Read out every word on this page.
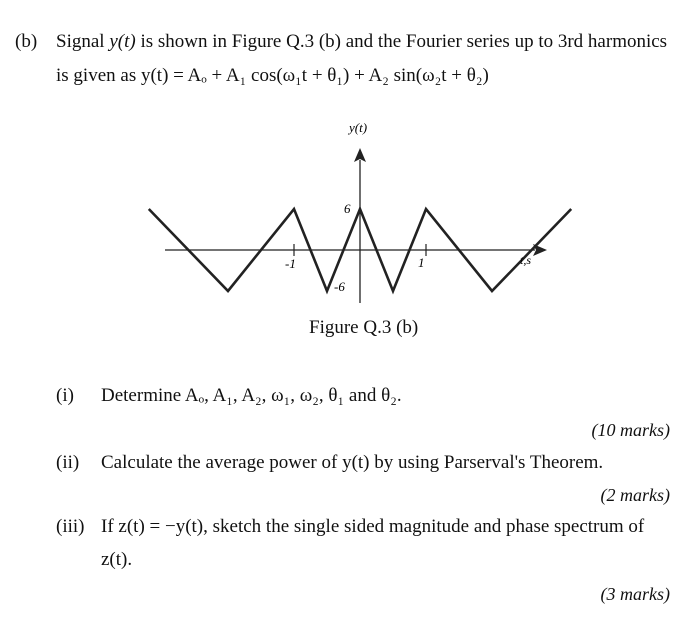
(b) Signal y(t) is shown in Figure Q.3 (b) and the Fourier series up to 3rd harmonics
is given as y(t) = Aₒ + A₁ cos(ω₁t + θ₁) + A₂ sin(ω₂t + θ₂)
y(t)
t,s
6
-6
-1	1
Figure Q.3 (b)
(i) Determine Aₒ, A₁, A₂, ω₁, ω₂, θ₁ and θ₂.
(10 marks)
(ii) Calculate the average power of y(t) by using Parserval's Theorem.
(2 marks)
(iii) If z(t) = −y(t), sketch the single sided magnitude and phase spectrum of
z(t).
(3 marks)
